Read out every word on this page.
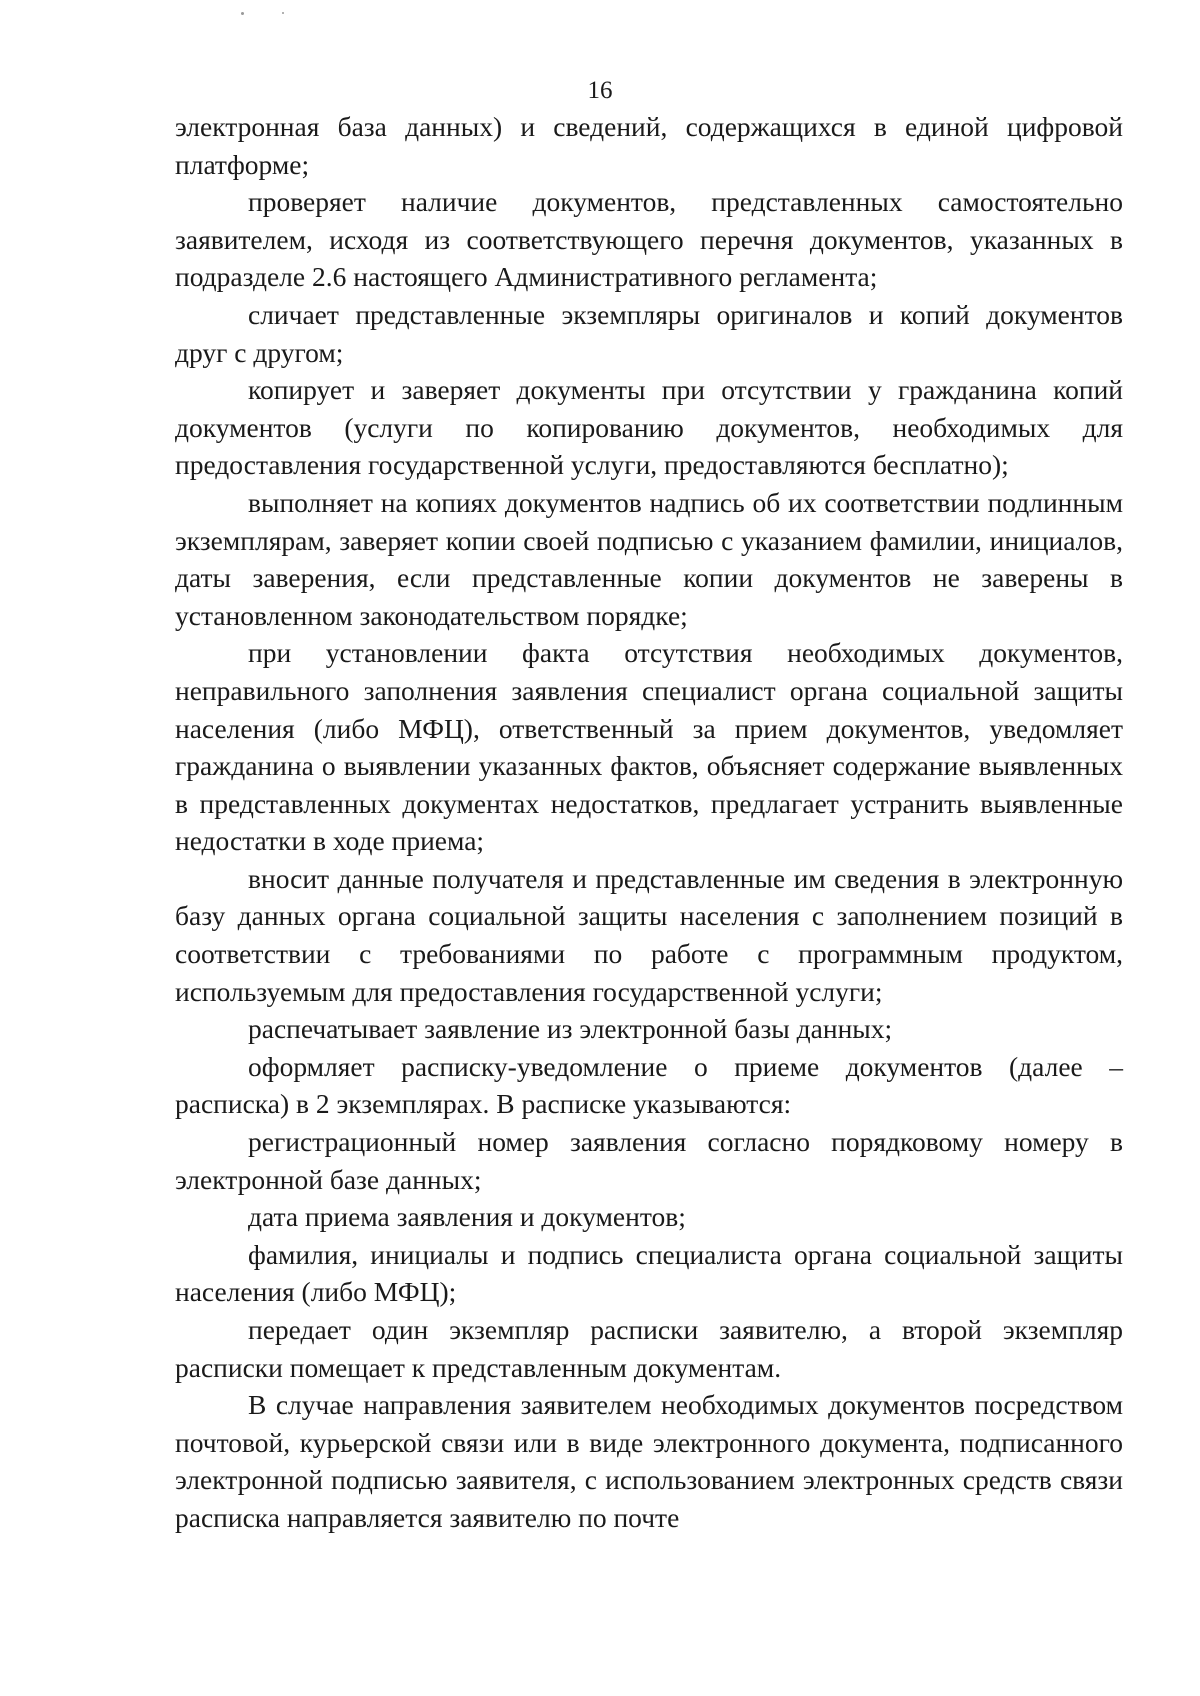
16

электронная база данных) и сведений, содержащихся в единой цифровой платформе;

проверяет наличие документов, представленных самостоятельно заявителем, исходя из соответствующего перечня документов, указанных в подразделе 2.6 настоящего Административного регламента;

сличает представленные экземпляры оригиналов и копий документов друг с другом;

копирует и заверяет документы при отсутствии у гражданина копий документов (услуги по копированию документов, необходимых для предоставления государственной услуги, предоставляются бесплатно);

выполняет на копиях документов надпись об их соответствии подлинным экземплярам, заверяет копии своей подписью с указанием фамилии, инициалов, даты заверения, если представленные копии документов не заверены в установленном законодательством порядке;

при установлении факта отсутствия необходимых документов, неправильного заполнения заявления специалист органа социальной защиты населения (либо МФЦ), ответственный за прием документов, уведомляет гражданина о выявлении указанных фактов, объясняет содержание выявленных в представленных документах недостатков, предлагает устранить выявленные недостатки в ходе приема;

вносит данные получателя и представленные им сведения в электронную базу данных органа социальной защиты населения с заполнением позиций в соответствии с требованиями по работе с программным продуктом, используемым для предоставления государственной услуги;

распечатывает заявление из электронной базы данных;

оформляет расписку-уведомление о приеме документов (далее – расписка) в 2 экземплярах. В расписке указываются:

регистрационный номер заявления согласно порядковому номеру в электронной базе данных;

дата приема заявления и документов;

фамилия, инициалы и подпись специалиста органа социальной защиты населения (либо МФЦ);

передает один экземпляр расписки заявителю, а второй экземпляр расписки помещает к представленным документам.

В случае направления заявителем необходимых документов посредством почтовой, курьерской связи или в виде электронного документа, подписанного электронной подписью заявителя, с использованием электронных средств связи расписка направляется заявителю по почте
